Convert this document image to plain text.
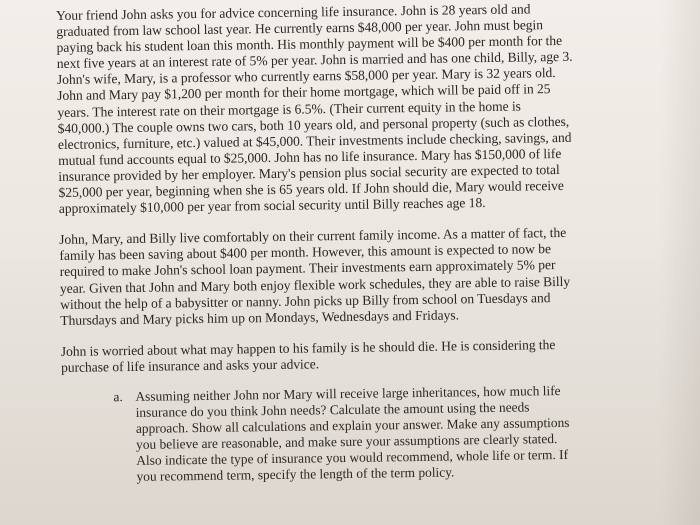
Your friend John asks you for advice concerning life insurance. John is 28 years old and
graduated from law school last year. He currently earns $48,000 per year. John must begin
paying back his student loan this month. His monthly payment will be $400 per month for the
next five years at an interest rate of 5% per year. John is married and has one child, Billy, age 3.
John's wife, Mary, is a professor who currently earns $58,000 per year. Mary is 32 years old.
John and Mary pay $1,200 per month for their home mortgage, which will be paid off in 25
years. The interest rate on their mortgage is 6.5%. (Their current equity in the home is
$40,000.) The couple owns two cars, both 10 years old, and personal property (such as clothes,
electronics, furniture, etc.) valued at $45,000. Their investments include checking, savings, and
mutual fund accounts equal to $25,000. John has no life insurance. Mary has $150,000 of life
insurance provided by her employer. Mary's pension plus social security are expected to total
$25,000 per year, beginning when she is 65 years old. If John should die, Mary would receive
approximately $10,000 per year from social security until Billy reaches age 18.

John, Mary, and Billy live comfortably on their current family income. As a matter of fact, the
family has been saving about $400 per month. However, this amount is expected to now be
required to make John's school loan payment. Their investments earn approximately 5% per
year. Given that John and Mary both enjoy flexible work schedules, they are able to raise Billy
without the help of a babysitter or nanny. John picks up Billy from school on Tuesdays and
Thursdays and Mary picks him up on Mondays, Wednesdays and Fridays.

John is worried about what may happen to his family is he should die. He is considering the
purchase of life insurance and asks your advice.

a. Assuming neither John nor Mary will receive large inheritances, how much life
insurance do you think John needs? Calculate the amount using the needs
approach. Show all calculations and explain your answer. Make any assumptions
you believe are reasonable, and make sure your assumptions are clearly stated.
Also indicate the type of insurance you would recommend, whole life or term. If
you recommend term, specify the length of the term policy.
